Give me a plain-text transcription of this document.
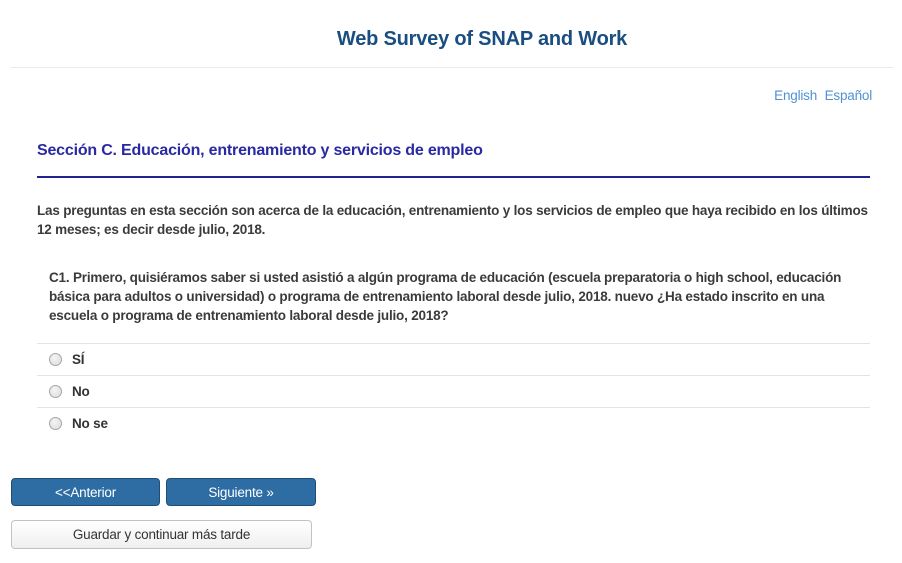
Web Survey of SNAP and Work
English Español
Sección C. Educación, entrenamiento y servicios de empleo

Las preguntas en esta sección son acerca de la educación, entrenamiento y los servicios de empleo que haya recibido en los últimos 12 meses; es decir desde julio, 2018.

C1. Primero, quisiéramos saber si usted asistió a algún programa de educación (escuela preparatoria o high school, educación básica para adultos o universidad) o programa de entrenamiento laboral desde julio, 2018. nuevo ¿Ha estado inscrito en una escuela o programa de entrenamiento laboral desde julio, 2018?

SÍ
No
No se
<<Anterior	Siguiente »
Guardar y continuar más tarde
